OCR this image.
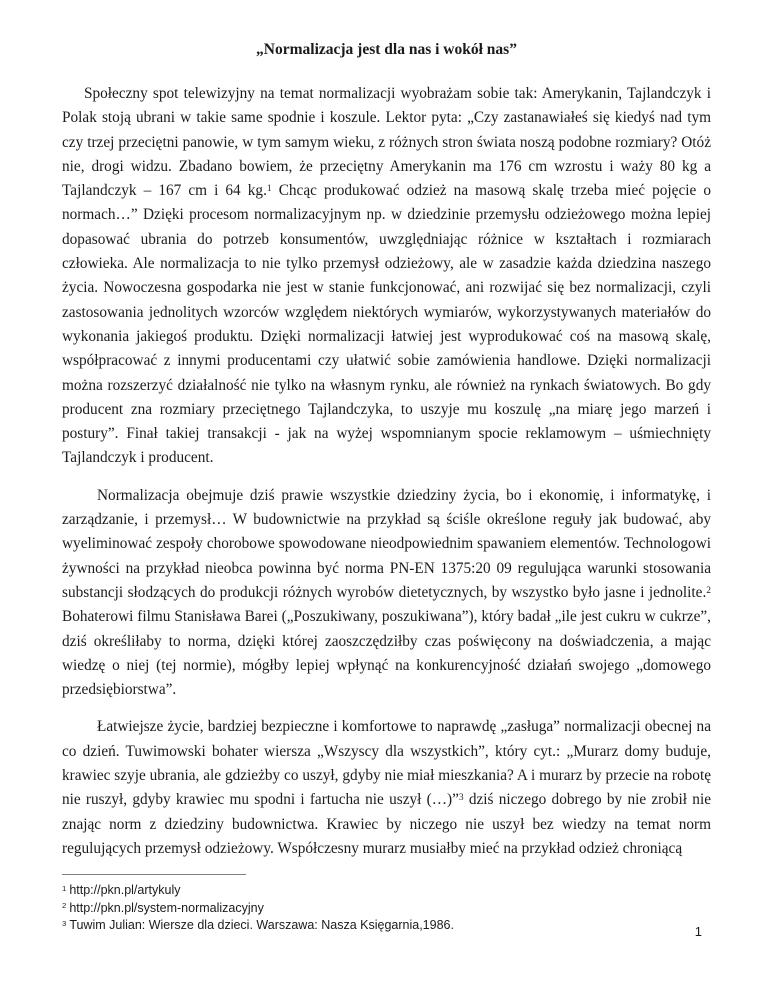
„Normalizacja jest dla nas i wokół nas”

Społeczny spot telewizyjny na temat normalizacji wyobrażam sobie tak: Amerykanin, Tajlandczyk i Polak stoją ubrani w takie same spodnie i koszule. Lektor pyta: „Czy zastanawiałeś się kiedyś nad tym czy trzej przeciętni panowie, w tym samym wieku, z różnych stron świata noszą podobne rozmiary? Otóż nie, drogi widzu. Zbadano bowiem, że przeciętny Amerykanin ma 176 cm wzrostu i waży 80 kg a Tajlandczyk – 167 cm i 64 kg.$^1$ Chcąc produkować odzież na masową skalę trzeba mieć pojęcie o normach…” Dzięki procesom normalizacyjnym np. w dziedzinie przemysłu odzieżowego można lepiej dopasować ubrania do potrzeb konsumentów, uwzględniając różnice w kształtach i rozmiarach człowieka. Ale normalizacja to nie tylko przemysł odzieżowy, ale w zasadzie każda dziedzina naszego życia. Nowoczesna gospodarka nie jest w stanie funkcjonować, ani rozwijać się bez normalizacji, czyli zastosowania jednolitych wzorców względem niektórych wymiarów, wykorzystywanych materiałów do wykonania jakiegoś produktu. Dzięki normalizacji łatwiej jest wyprodukować coś na masową skalę, współpracować z innymi producentami czy ułatwić sobie zamówienia handlowe. Dzięki normalizacji można rozszerzyć działalność nie tylko na własnym rynku, ale również na rynkach światowych. Bo gdy producent zna rozmiary przeciętnego Tajlandczyka, to uszyje mu koszulę „na miarę jego marzeń i postury”. Finał takiej transakcji - jak na wyżej wspomnianym spocie reklamowym – uśmiechnięty Tajlandczyk i producent.

Normalizacja obejmuje dziś prawie wszystkie dziedziny życia, bo i ekonomię, i informatykę, i zarządzanie, i przemysł… W budownictwie na przykład są ściśle określone reguły jak budować, aby wyeliminować zespoły chorobowe spowodowane nieodpowiednim spawaniem elementów. Technologowi żywności na przykład nieobca powinna być norma PN-EN 1375:20 09 regulująca warunki stosowania substancji słodzących do produkcji różnych wyrobów dietetycznych, by wszystko było jasne i jednolite.$^2$ Bohaterowi filmu Stanisława Barei („Poszukiwany, poszukiwana”), który badał „ile jest cukru w cukrze”, dziś określiłaby to norma, dzięki której zaoszczędziłby czas poświęcony na doświadczenia, a mając wiedzę o niej (tej normie), mógłby lepiej wpłynąć na konkurencyjność działań swojego „domowego przedsiębiorstwa”.

Łatwiejsze życie, bardziej bezpieczne i komfortowe to naprawdę „zasługa” normalizacji obecnej na co dzień. Tuwimowski bohater wiersza „Wszyscy dla wszystkich”, który cyt.: „Murarz domy buduje, krawiec szyje ubrania, ale gdzieżby co uszył, gdyby nie miał mieszkania? A i murarz by przecie na robotę nie ruszył, gdyby krawiec mu spodni i fartucha nie uszył (…)”$^3$ dziś niczego dobrego by nie zrobił nie znając norm z dziedziny budownictwa. Krawiec by niczego nie uszył bez wiedzy na temat norm regulujących przemysł odzieżowy. Współczesny murarz musiałby mieć na przykład odzież chroniącą

$^1$ http://pkn.pl/artykuly
$^2$ http://pkn.pl/system-normalizacyjny
$^3$ Tuwim Julian: Wiersze dla dzieci. Warszawa: Nasza Księgarnia,1986.	1
